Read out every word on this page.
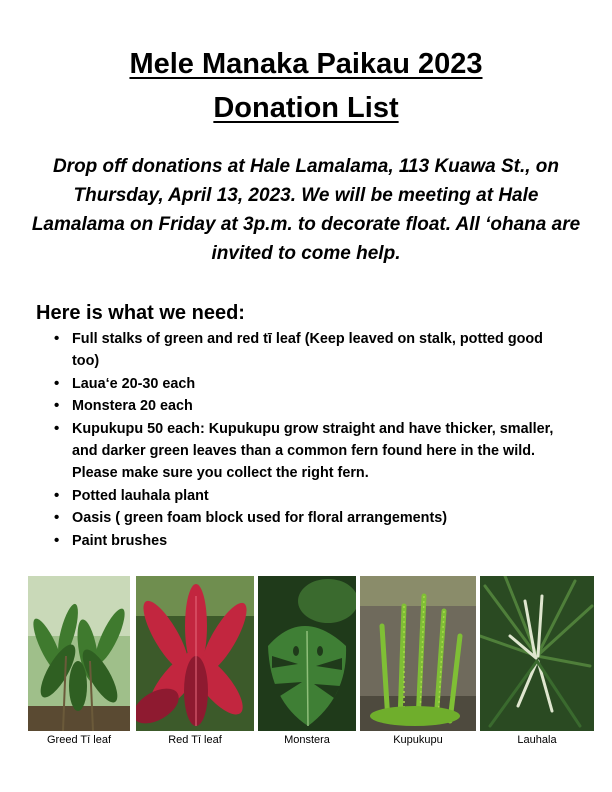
Mele Manaka Paikau 2023
Donation List
Drop off donations at Hale Lamalama, 113 Kuawa St., on Thursday, April 13, 2023. We will be meeting at Hale Lamalama on Friday at 3p.m. to decorate float. All ‘ohana are invited to come help.
Here is what we need:
• Full stalks of green and red tī leaf (Keep leaved on stalk, potted good too)
• Laua‘e 20-30 each
• Monstera 20 each
• Kupukupu 50 each: Kupukupu grow straight and have thicker, smaller, and darker green leaves than a common fern found here in the wild. Please make sure you collect the right fern.
• Potted lauhala plant
• Oasis ( green foam block used for floral arrangements)
• Paint brushes
Greed Tī leaf	Red Tī leaf	Monstera	Kupukupu	Lauhala
